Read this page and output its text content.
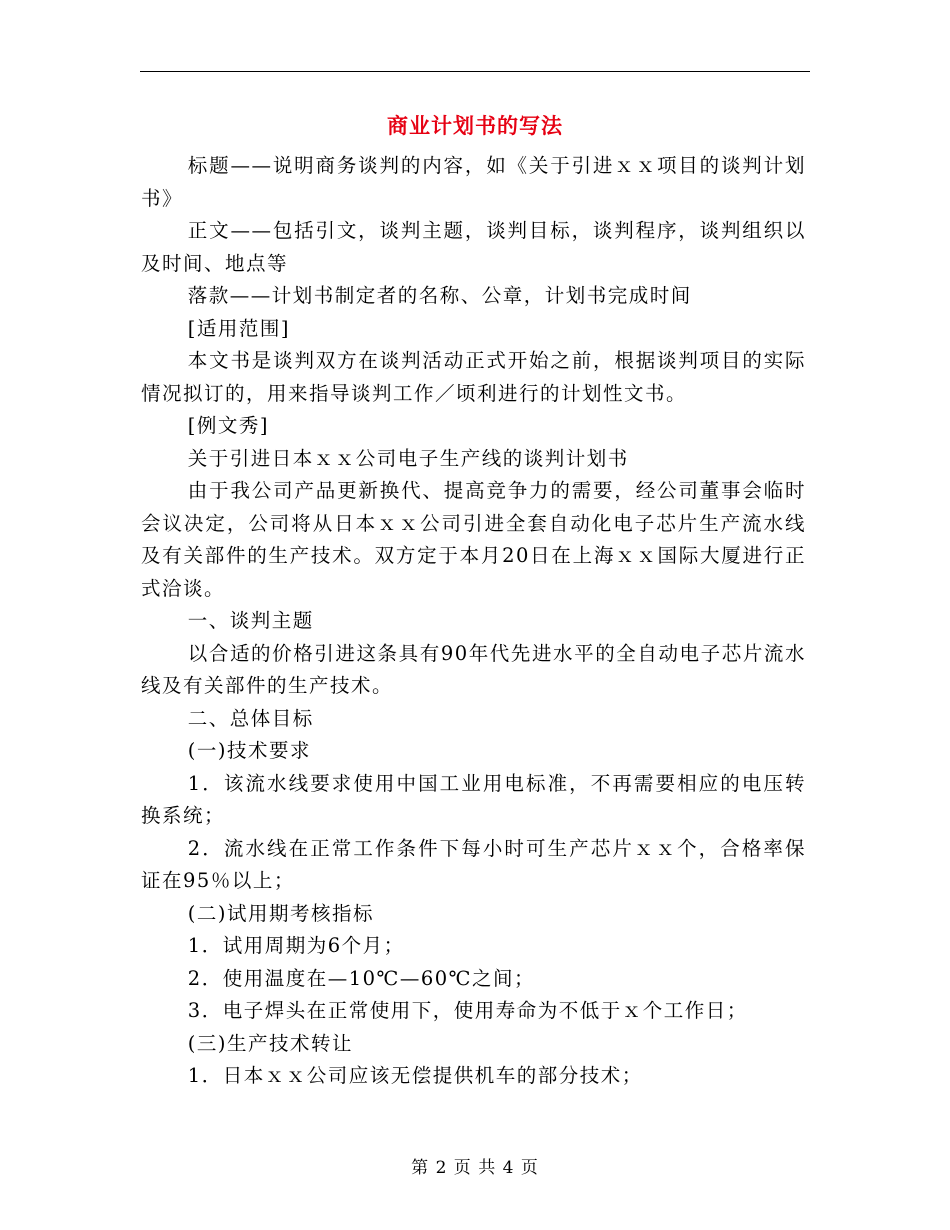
商业计划书的写法

标题——说明商务谈判的内容，如《关于引进ｘｘ项目的谈判计划书》

正文——包括引文，谈判主题，谈判目标，谈判程序，谈判组织以及时间、地点等

落款——计划书制定者的名称、公章，计划书完成时间

[适用范围]

本文书是谈判双方在谈判活动正式开始之前，根据谈判项目的实际情况拟订的，用来指导谈判工作／顷利进行的计划性文书。

[例文秀]

关于引进日本ｘｘ公司电子生产线的谈判计划书

由于我公司产品更新换代、提高竞争力的需要，经公司董事会临时会议决定，公司将从日本ｘｘ公司引进全套自动化电子芯片生产流水线及有关部件的生产技术。双方定于本月20日在上海ｘｘ国际大厦进行正式洽谈。

一、谈判主题

以合适的价格引进这条具有90年代先进水平的全自动电子芯片流水线及有关部件的生产技术。

二、总体目标

(一)技术要求

1．该流水线要求使用中国工业用电标准，不再需要相应的电压转换系统；

2．流水线在正常工作条件下每小时可生产芯片ｘｘ个，合格率保证在95％以上；

(二)试用期考核指标

1．试用周期为6个月；

2．使用温度在—10℃—60℃之间；

3．电子焊头在正常使用下，使用寿命为不低于ｘ个工作日；

(三)生产技术转让

1．日本ｘｘ公司应该无偿提供机车的部分技术；

第 2 页 共 4 页
